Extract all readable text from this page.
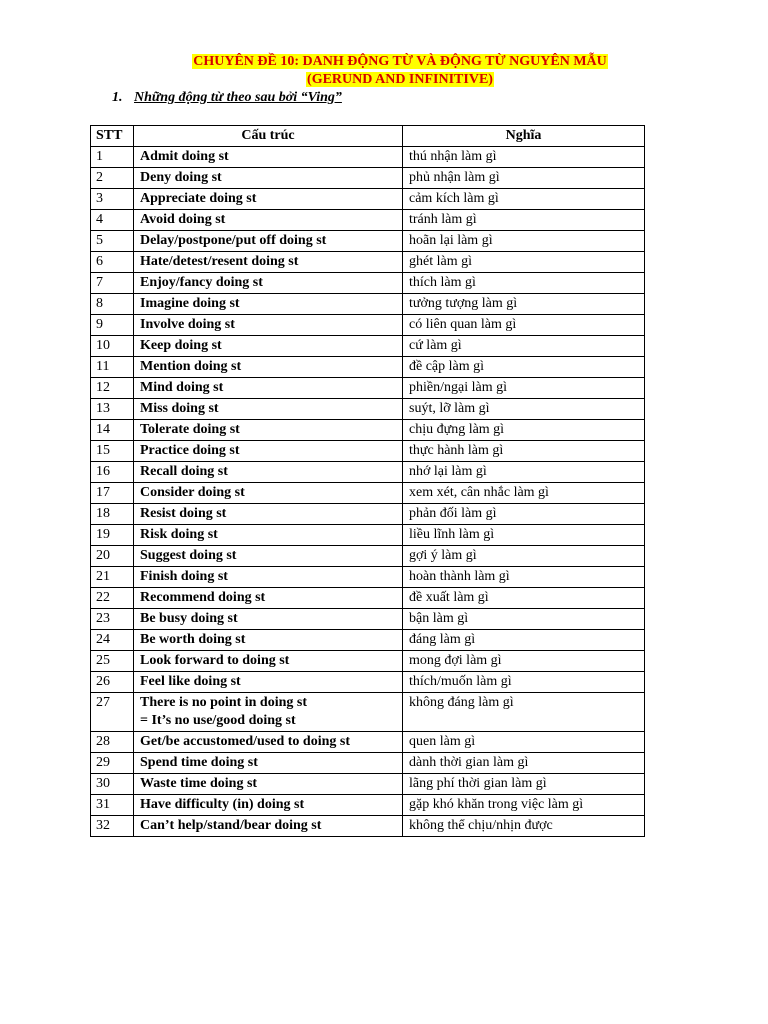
CHUYÊN ĐỀ 10: DANH ĐỘNG TỪ VÀ ĐỘNG TỪ NGUYÊN MẪU
(GERUND AND INFINITIVE)
1. Những động từ theo sau bởi “Ving”
STT	Cấu trúc	Nghĩa
1	Admit doing st	thú nhận làm gì
2	Deny doing st	phủ nhận làm gì
3	Appreciate doing st	cảm kích làm gì
4	Avoid doing st	tránh làm gì
5	Delay/postpone/put off doing st	hoãn lại làm gì
6	Hate/detest/resent doing st	ghét làm gì
7	Enjoy/fancy doing st	thích làm gì
8	Imagine doing st	tưởng tượng làm gì
9	Involve doing st	có liên quan làm gì
10	Keep doing st	cứ làm gì
11	Mention doing st	đề cập làm gì
12	Mind doing st	phiền/ngại làm gì
13	Miss doing st	suýt, lỡ làm gì
14	Tolerate doing st	chịu đựng làm gì
15	Practice doing st	thực hành làm gì
16	Recall doing st	nhớ lại làm gì
17	Consider doing st	xem xét, cân nhắc làm gì
18	Resist doing st	phản đối làm gì
19	Risk doing st	liều lĩnh làm gì
20	Suggest doing st	gợi ý làm gì
21	Finish doing st	hoàn thành làm gì
22	Recommend doing st	đề xuất làm gì
23	Be busy doing st	bận làm gì
24	Be worth doing st	đáng làm gì
25	Look forward to doing st	mong đợi làm gì
26	Feel like doing st	thích/muốn làm gì
27	There is no point in doing st
= It’s no use/good doing st	không đáng làm gì
28	Get/be accustomed/used to doing st	quen làm gì
29	Spend time doing st	dành thời gian làm gì
30	Waste time doing st	lãng phí thời gian làm gì
31	Have difficulty (in) doing st	gặp khó khăn trong việc làm gì
32	Can’t help/stand/bear doing st	không thể chịu/nhịn được
